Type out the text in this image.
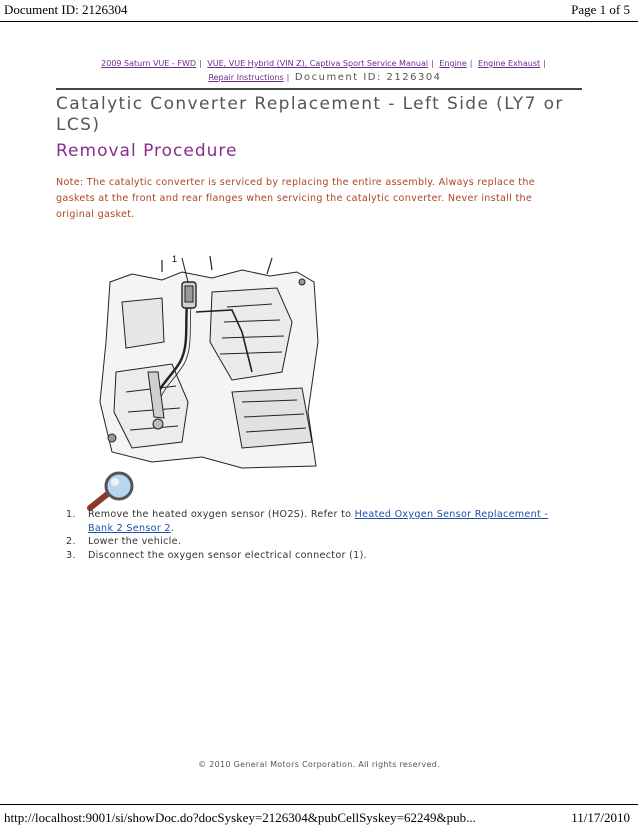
Document ID: 2126304	Page 1 of 5
2009 Saturn VUE - FWD | VUE, VUE Hybrid (VIN Z), Captiva Sport Service Manual | Engine | Engine Exhaust |
Repair Instructions | Document ID: 2126304
Catalytic Converter Replacement - Left Side (LY7 or LCS)
Removal Procedure
Note: The catalytic converter is serviced by replacing the entire assembly. Always replace the gaskets at the front and rear flanges when servicing the catalytic converter. Never install the original gasket.
1
1. Remove the heated oxygen sensor (HO2S). Refer to Heated Oxygen Sensor Replacement - Bank 2 Sensor 2.
2. Lower the vehicle.
3. Disconnect the oxygen sensor electrical connector (1).
© 2010 General Motors Corporation. All rights reserved.
http://localhost:9001/si/showDoc.do?docSyskey=2126304&pubCellSyskey=62249&pub...	11/17/2010
